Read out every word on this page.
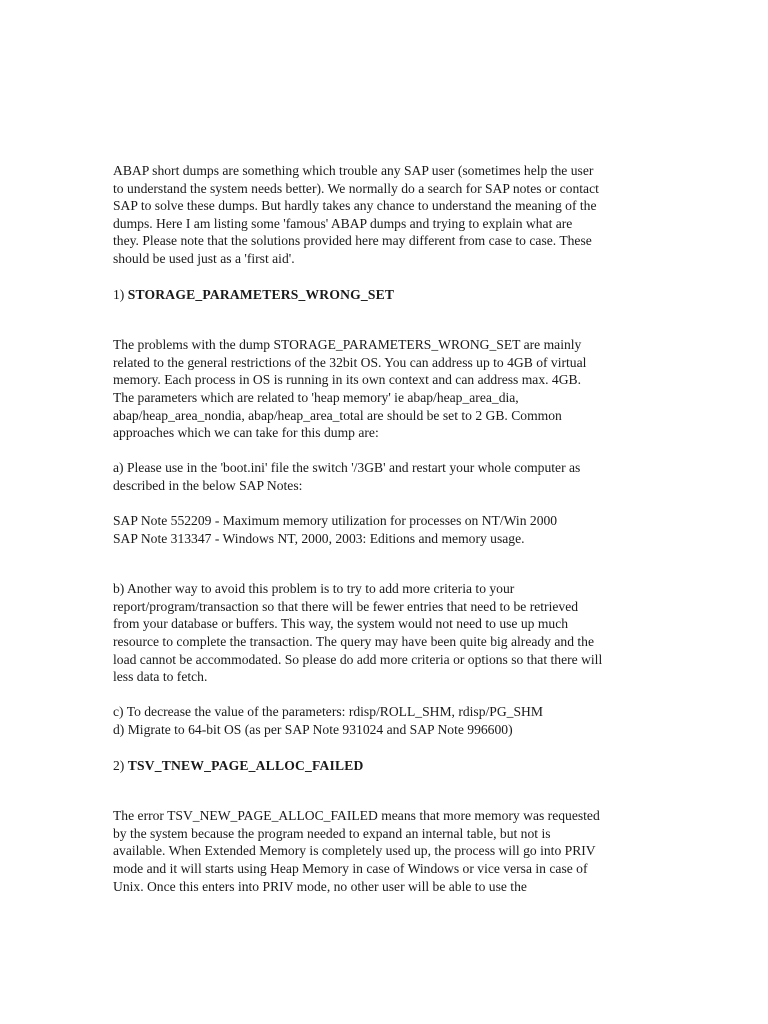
ABAP short dumps are something which trouble any SAP user (sometimes help the user
to understand the system needs better). We normally do a search for SAP notes or contact
SAP to solve these dumps. But hardly takes any chance to understand the meaning of the
dumps. Here I am listing some 'famous' ABAP dumps and trying to explain what are
they. Please note that the solutions provided here may different from case to case. These
should be used just as a 'first aid'.

1) STORAGE_PARAMETERS_WRONG_SET

The problems with the dump STORAGE_PARAMETERS_WRONG_SET are mainly
related to the general restrictions of the 32bit OS. You can address up to 4GB of virtual
memory. Each process in OS is running in its own context and can address max. 4GB.
The parameters which are related to 'heap memory' ie abap/heap_area_dia,
abap/heap_area_nondia, abap/heap_area_total are should be set to 2 GB. Common
approaches which we can take for this dump are:

a) Please use in the 'boot.ini' file the switch '/3GB' and restart your whole computer as
described in the below SAP Notes:

SAP Note 552209 - Maximum memory utilization for processes on NT/Win 2000
SAP Note 313347 - Windows NT, 2000, 2003: Editions and memory usage.

b) Another way to avoid this problem is to try to add more criteria to your
report/program/transaction so that there will be fewer entries that need to be retrieved
from your database or buffers. This way, the system would not need to use up much
resource to complete the transaction. The query may have been quite big already and the
load cannot be accommodated. So please do add more criteria or options so that there will
less data to fetch.

c) To decrease the value of the parameters: rdisp/ROLL_SHM, rdisp/PG_SHM
d) Migrate to 64-bit OS (as per SAP Note 931024 and SAP Note 996600)

2) TSV_TNEW_PAGE_ALLOC_FAILED

The error TSV_NEW_PAGE_ALLOC_FAILED means that more memory was requested
by the system because the program needed to expand an internal table, but not is
available. When Extended Memory is completely used up, the process will go into PRIV
mode and it will starts using Heap Memory in case of Windows or vice versa in case of
Unix. Once this enters into PRIV mode, no other user will be able to use the
